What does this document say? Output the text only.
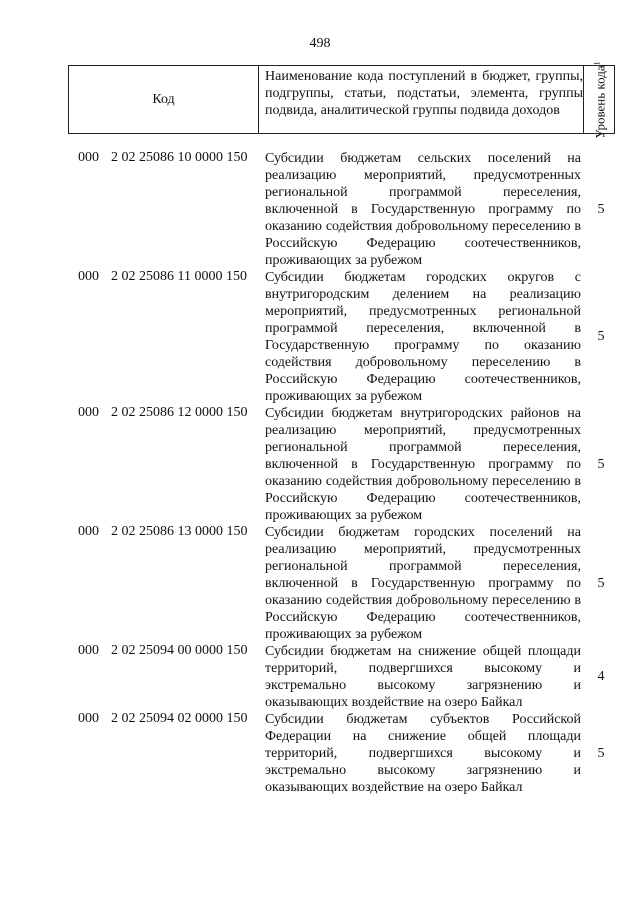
498
Код
Наименование кода поступлений в бюджет, группы, подгруппы, статьи, подстатьи, элемента, группы подвида, аналитической группы подвида доходов	Уровень кода$^1$
000 2 02 25086 10 0000 150 Субсидии бюджетам сельских поселений на реализацию мероприятий, предусмотренных региональной программой переселения, включенной в Государственную программу по оказанию содействия добровольному переселению в Российскую Федерацию соотечественников, проживающих за рубежом
5
000 2 02 25086 11 0000 150 Субсидии бюджетам городских округов с внутригородским делением на реализацию мероприятий, предусмотренных региональной программой переселения, включенной в Государственную программу по оказанию содействия добровольному переселению в Российскую Федерацию соотечественников, проживающих за рубежом
5
000 2 02 25086 12 0000 150 Субсидии бюджетам внутригородских районов на реализацию мероприятий, предусмотренных региональной программой переселения, включенной в Государственную программу по оказанию содействия добровольному переселению в Российскую Федерацию соотечественников, проживающих за рубежом
5
000 2 02 25086 13 0000 150 Субсидии бюджетам городских поселений на реализацию мероприятий, предусмотренных региональной программой переселения, включенной в Государственную программу по оказанию содействия добровольному переселению в Российскую Федерацию соотечественников, проживающих за рубежом
5
000 2 02 25094 00 0000 150 Субсидии бюджетам на снижение общей площади территорий, подвергшихся высокому и экстремально высокому загрязнению и оказывающих воздействие на озеро Байкал
4
000 2 02 25094 02 0000 150 Субсидии бюджетам субъектов Российской Федерации на снижение общей площади территорий, подвергшихся высокому и экстремально высокому загрязнению и оказывающих воздействие на озеро Байкал
5
